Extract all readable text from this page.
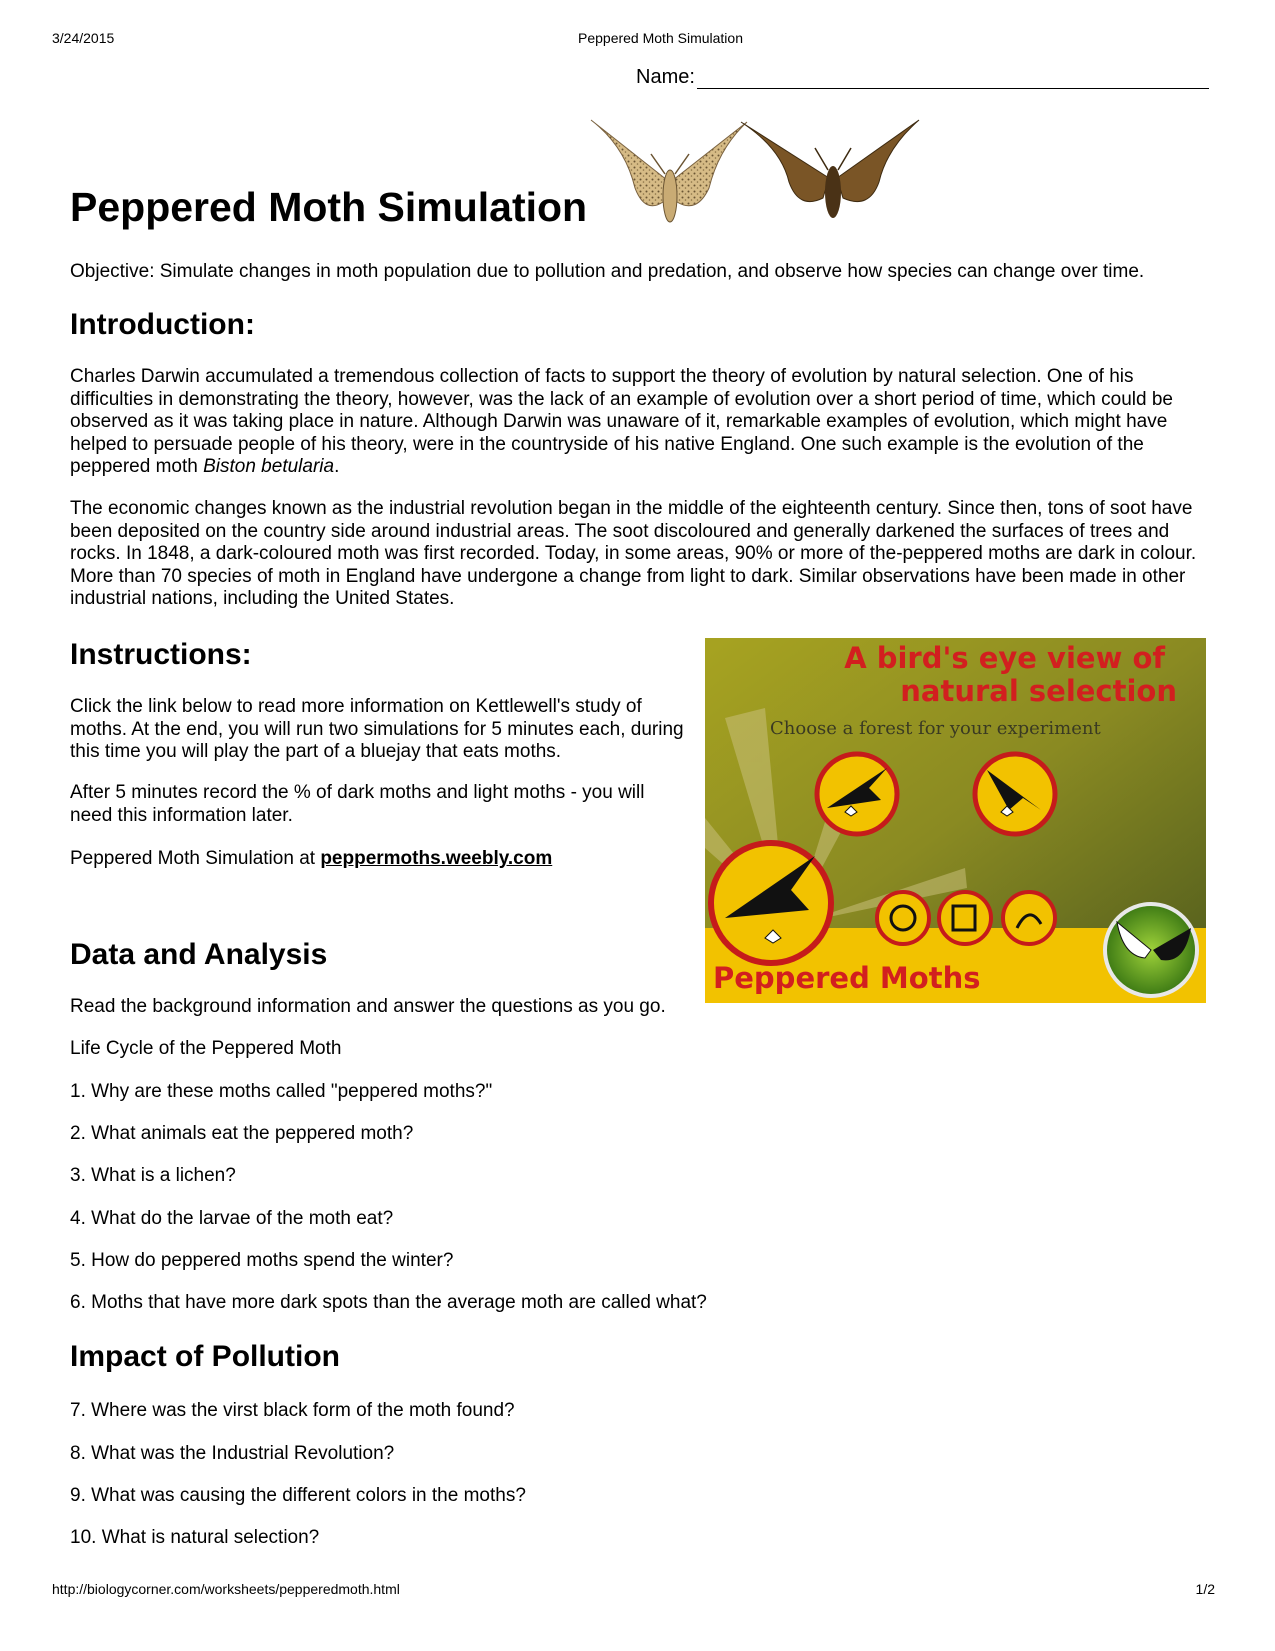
3/24/2015	Peppered Moth Simulation
Name:
Peppered Moth Simulation

Objective: Simulate changes in moth population due to pollution and predation, and observe how species can change over time.

Introduction:

Charles Darwin accumulated a tremendous collection of facts to support the theory of evolution by natural selection. One of his difficulties in demonstrating the theory, however, was the lack of an example of evolution over a short period of time, which could be observed as it was taking place in nature. Although Darwin was unaware of it, remarkable examples of evolution, which might have helped to persuade people of his theory, were in the countryside of his native England. One such example is the evolution of the peppered moth Biston betularia.

The economic changes known as the industrial revolution began in the middle of the eighteenth century. Since then, tons of soot have been deposited on the country side around industrial areas. The soot discoloured and generally darkened the surfaces of trees and rocks. In 1848, a dark-coloured moth was first recorded. Today, in some areas, 90% or more of the-peppered moths are dark in colour. More than 70 species of moth in England have undergone a change from light to dark. Similar observations have been made in other industrial nations, including the United States.

Instructions:

Click the link below to read more information on Kettlewell's study of moths. At the end, you will run two simulations for 5 minutes each, during this time you will play the part of a bluejay that eats moths.

After 5 minutes record the % of dark moths and light moths - you will need this information later.

Peppered Moth Simulation at peppermoths.weebly.com

A bird's eye view of
natural selection
Choose a forest for your experiment
Peppered Moths
Data and Analysis

Read the background information and answer the questions as you go.

Life Cycle of the Peppered Moth

1. Why are these moths called "peppered moths?"

2. What animals eat the peppered moth?

3. What is a lichen?

4. What do the larvae of the moth eat?

5. How do peppered moths spend the winter?

6. Moths that have more dark spots than the average moth are called what?

Impact of Pollution

7. Where was the virst black form of the moth found?

8. What was the Industrial Revolution?

9. What was causing the different colors in the moths?

10. What is natural selection?

http://biologycorner.com/worksheets/pepperedmoth.html	1/2
